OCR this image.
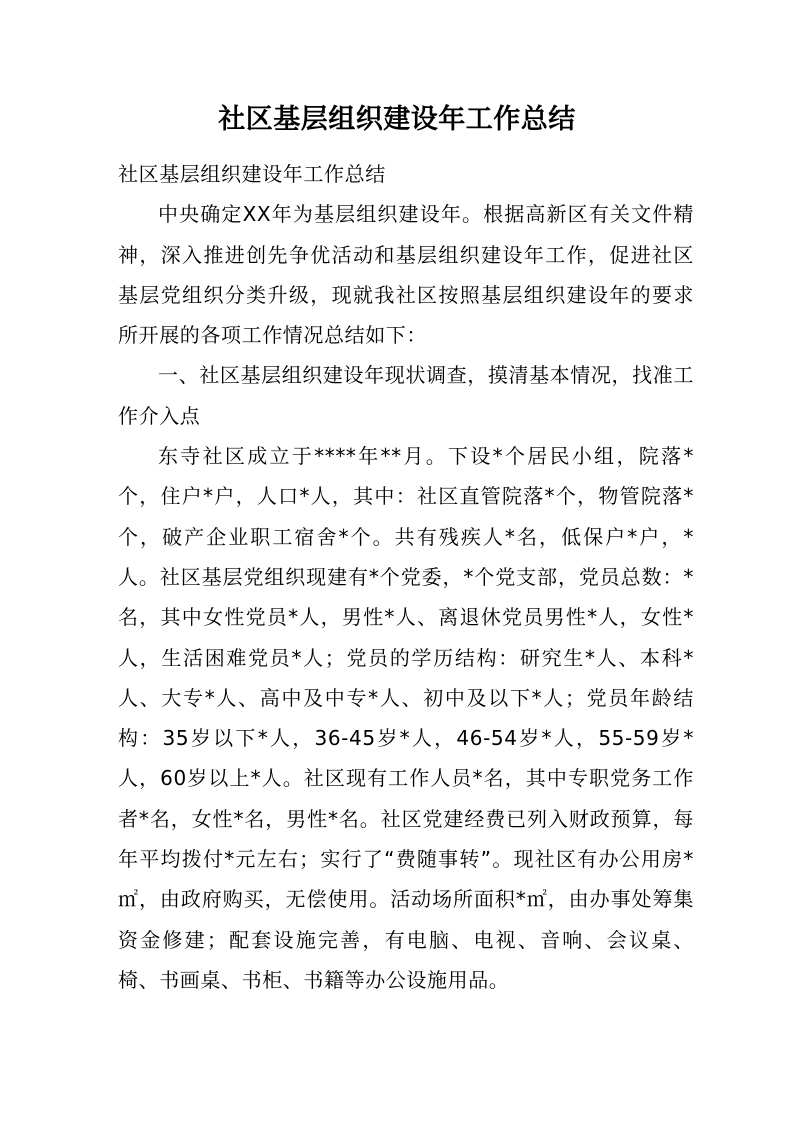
社区基层组织建设年工作总结

社区基层组织建设年工作总结

中央确定XX年为基层组织建设年。根据高新区有关文件精神，深入推进创先争优活动和基层组织建设年工作，促进社区基层党组织分类升级，现就我社区按照基层组织建设年的要求所开展的各项工作情况总结如下：

一、社区基层组织建设年现状调查，摸清基本情况，找准工作介入点

东寺社区成立于****年**月。下设*个居民小组，院落*个，住户*户，人口*人，其中：社区直管院落*个，物管院落*个，破产企业职工宿舍*个。共有残疾人*名，低保户*户，*人。社区基层党组织现建有*个党委，*个党支部，党员总数：*名，其中女性党员*人，男性*人、离退休党员男性*人，女性*人，生活困难党员*人；党员的学历结构：研究生*人、本科*人、大专*人、高中及中专*人、初中及以下*人；党员年龄结构：35岁以下*人，36-45岁*人，46-54岁*人，55-59岁*人，60岁以上*人。社区现有工作人员*名，其中专职党务工作者*名，女性*名，男性*名。社区党建经费已列入财政预算，每年平均拨付*元左右；实行了“费随事转”。现社区有办公用房*㎡，由政府购买，无偿使用。活动场所面积*㎡，由办事处筹集资金修建；配套设施完善，有电脑、电视、音响、会议桌、椅、书画桌、书柜、书籍等办公设施用品。
